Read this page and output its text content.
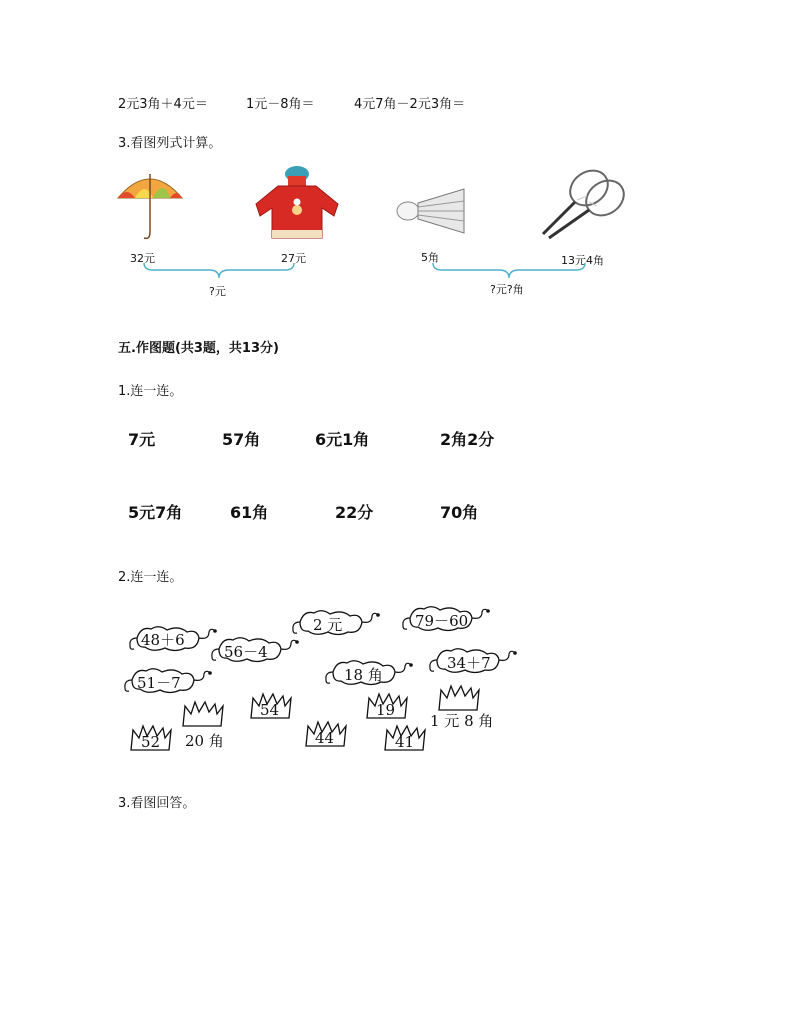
2元3角＋4元＝	1元－8角＝	4元7角－2元3角＝
3.看图列式计算。
32元	27元
?元
5角	13元4角
?元?角
五.作图题(共3题，共13分)
1.连一连。
7元	57角	6元1角	2角2分
5元7角	61角	22分	70角
2.连一连。
48＋6
56－4
51－7
2 元	79－60
18 角
34＋7
54	19
52	44	41
20 角
1 元 8 角
3.看图回答。
